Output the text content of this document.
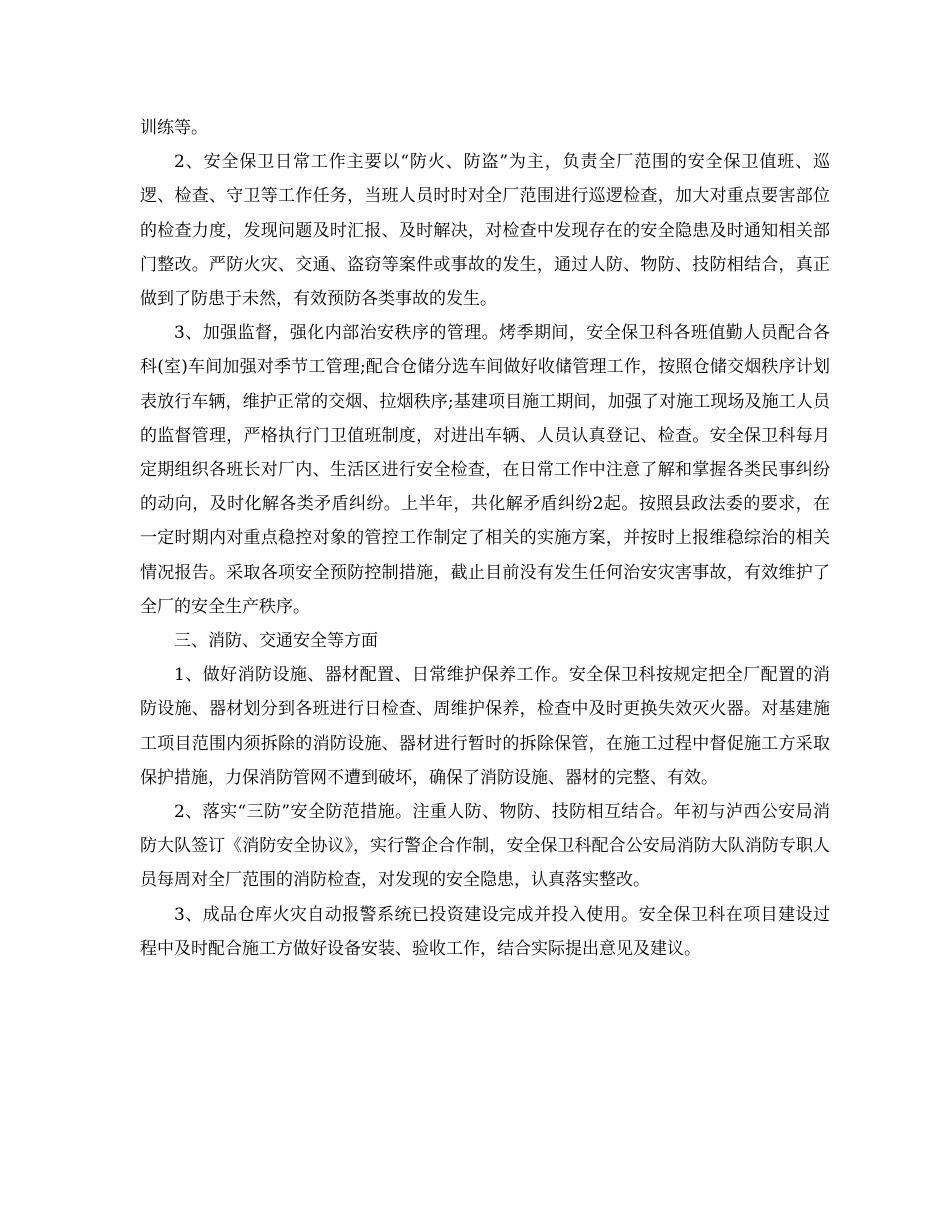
训练等。

2、安全保卫日常工作主要以“防火、防盗”为主，负责全厂范围的安全保卫值班、巡逻、检查、守卫等工作任务，当班人员时时对全厂范围进行巡逻检查，加大对重点要害部位的检查力度，发现问题及时汇报、及时解决，对检查中发现存在的安全隐患及时通知相关部门整改。严防火灾、交通、盗窃等案件或事故的发生，通过人防、物防、技防相结合，真正做到了防患于未然，有效预防各类事故的发生。

3、加强监督，强化内部治安秩序的管理。烤季期间，安全保卫科各班值勤人员配合各科(室)车间加强对季节工管理;配合仓储分选车间做好收储管理工作，按照仓储交烟秩序计划表放行车辆，维护正常的交烟、拉烟秩序;基建项目施工期间，加强了对施工现场及施工人员的监督管理，严格执行门卫值班制度，对进出车辆、人员认真登记、检查。安全保卫科每月定期组织各班长对厂内、生活区进行安全检查，在日常工作中注意了解和掌握各类民事纠纷的动向，及时化解各类矛盾纠纷。上半年，共化解矛盾纠纷2起。按照县政法委的要求，在一定时期内对重点稳控对象的管控工作制定了相关的实施方案，并按时上报维稳综治的相关情况报告。采取各项安全预防控制措施，截止目前没有发生任何治安灾害事故，有效维护了全厂的安全生产秩序。

三、消防、交通安全等方面

1、做好消防设施、器材配置、日常维护保养工作。安全保卫科按规定把全厂配置的消防设施、器材划分到各班进行日检查、周维护保养，检查中及时更换失效灭火器。对基建施工项目范围内须拆除的消防设施、器材进行暂时的拆除保管，在施工过程中督促施工方采取保护措施，力保消防管网不遭到破坏，确保了消防设施、器材的完整、有效。

2、落实“三防”安全防范措施。注重人防、物防、技防相互结合。年初与泸西公安局消防大队签订《消防安全协议》，实行警企合作制，安全保卫科配合公安局消防大队消防专职人员每周对全厂范围的消防检查，对发现的安全隐患，认真落实整改。

3、成品仓库火灾自动报警系统已投资建设完成并投入使用。安全保卫科在项目建设过程中及时配合施工方做好设备安装、验收工作，结合实际提出意见及建议。
